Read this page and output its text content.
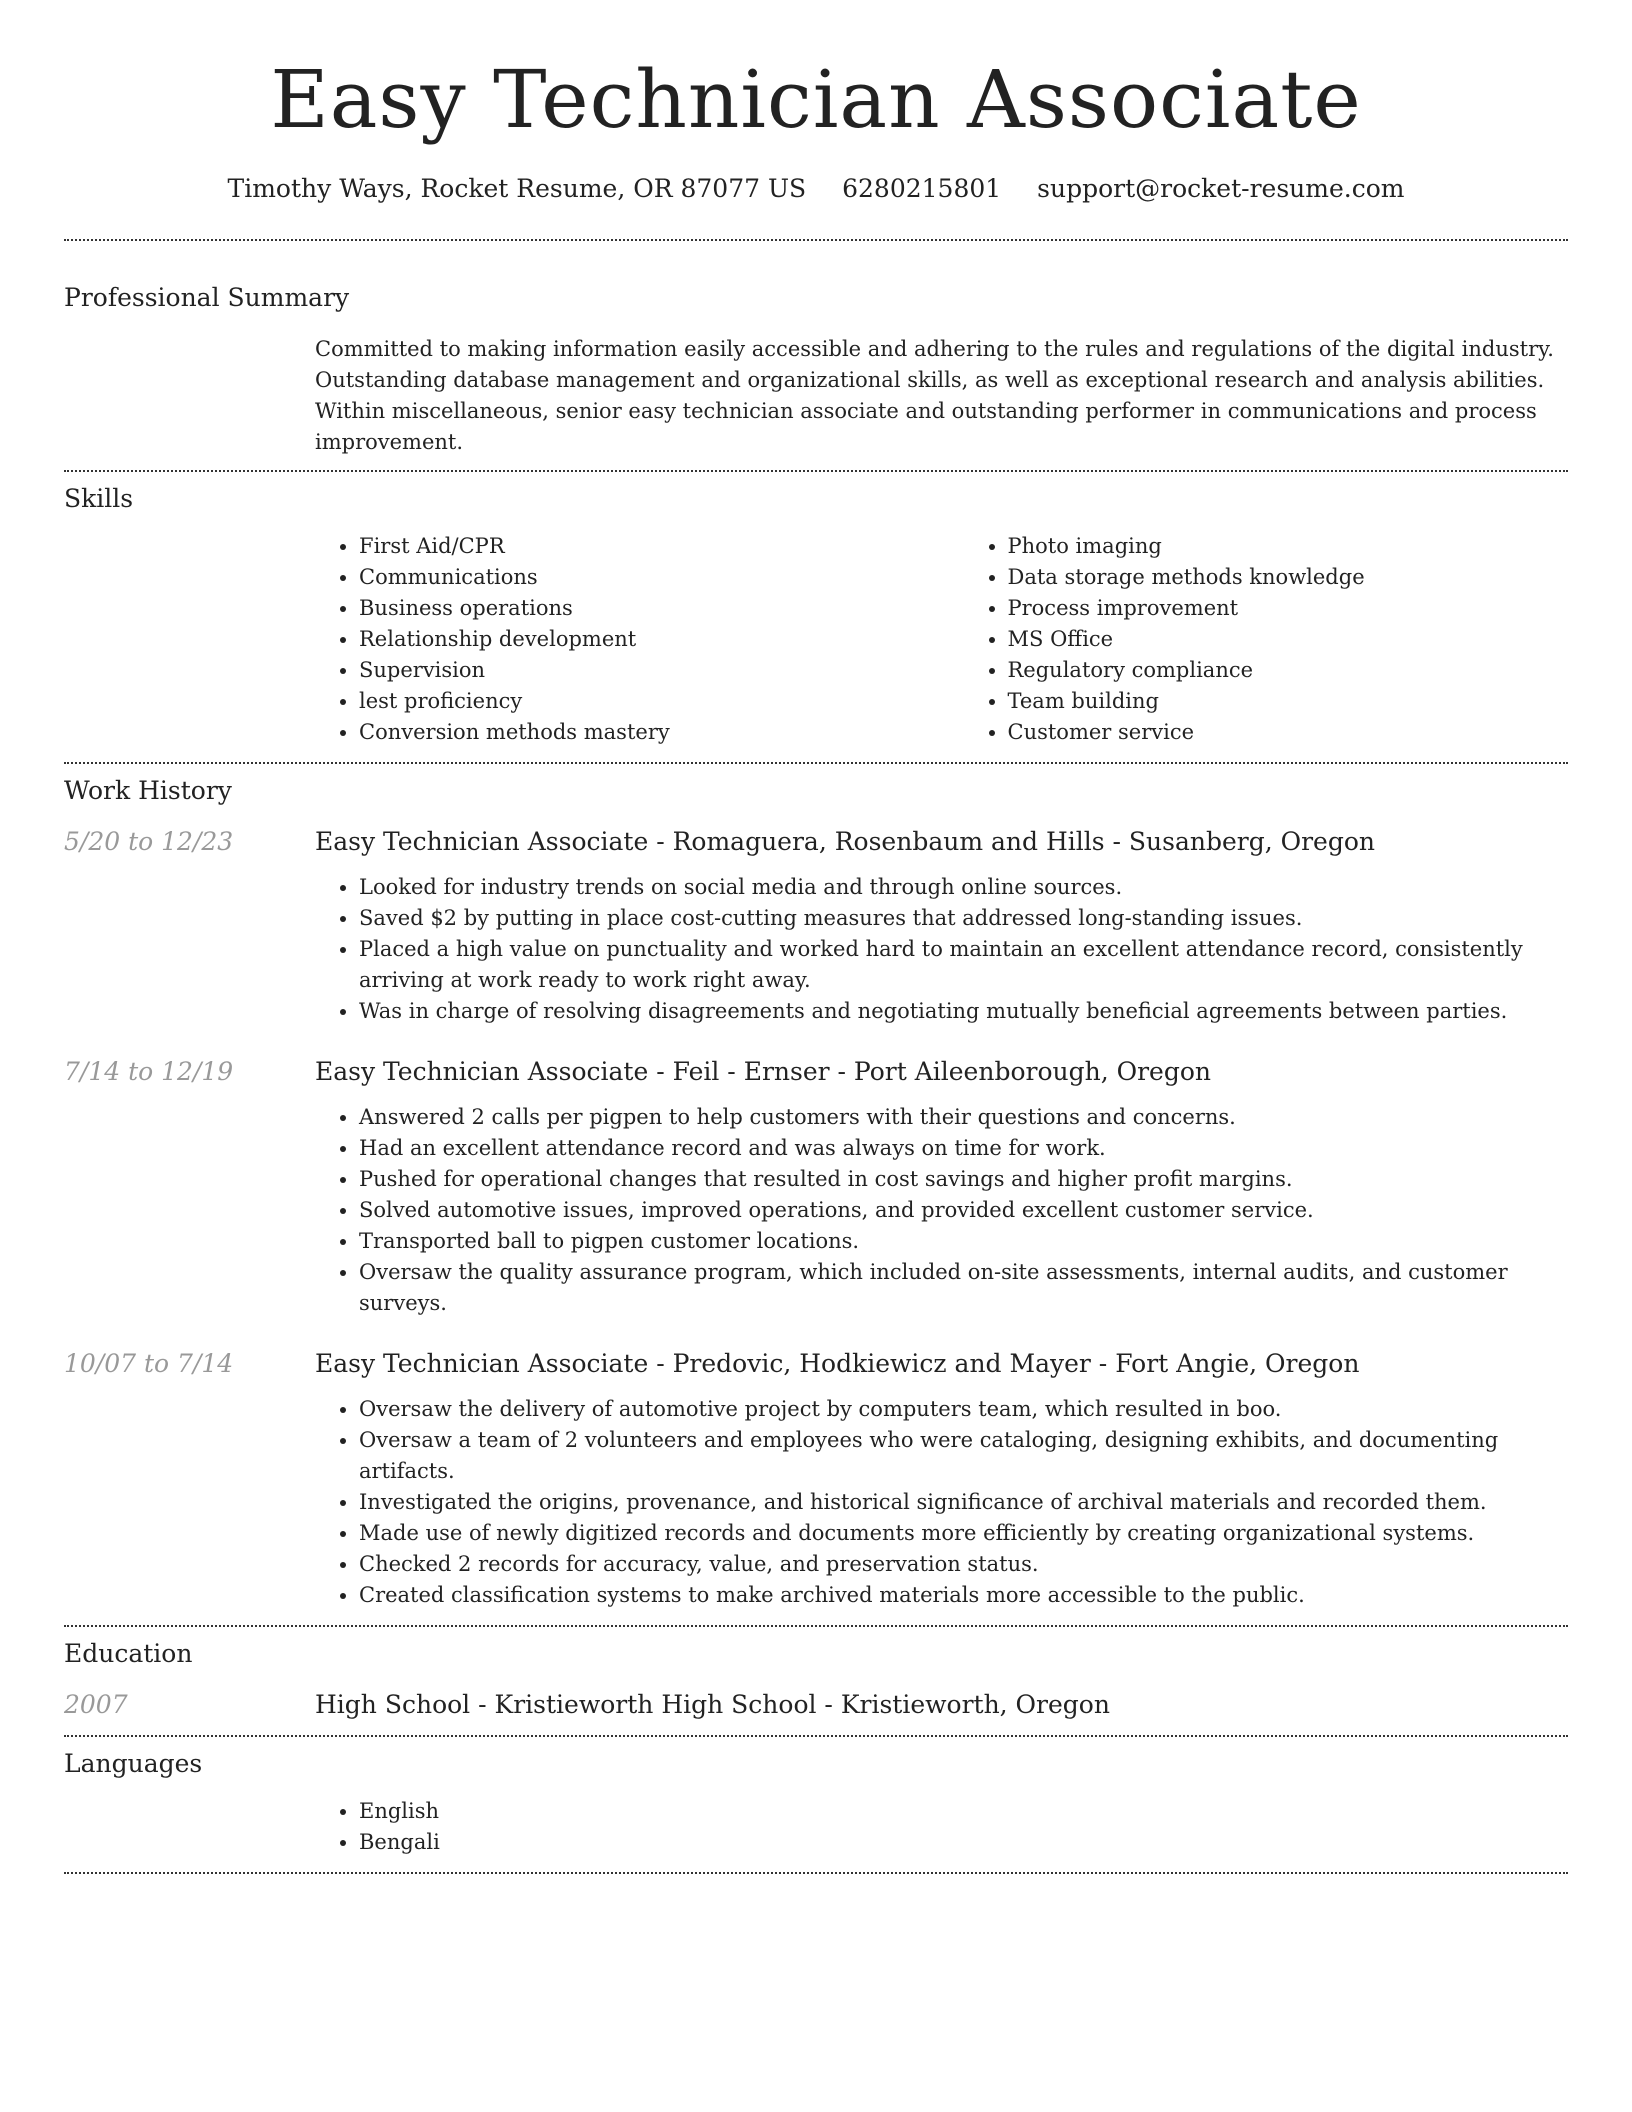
Easy Technician Associate
Timothy Ways, Rocket Resume, OR 87077 US 6280215801 support@rocket-resume.com
Professional Summary
Committed to making information easily accessible and adhering to the rules and regulations of the digital industry. Outstanding database management and organizational skills, as well as exceptional research and analysis abilities. Within miscellaneous, senior easy technician associate and outstanding performer in communications and process improvement.
Skills
• First Aid/CPR
• Communications
• Business operations
• Relationship development
• Supervision
• lest proficiency
• Conversion methods mastery
• Photo imaging
• Data storage methods knowledge
• Process improvement
• MS Office
• Regulatory compliance
• Team building
• Customer service
Work History
5/20 to 12/23	Easy Technician Associate - Romaguera, Rosenbaum and Hills - Susanberg, Oregon
• Looked for industry trends on social media and through online sources.
• Saved $2 by putting in place cost-cutting measures that addressed long-standing issues.
• Placed a high value on punctuality and worked hard to maintain an excellent attendance record, consistently arriving at work ready to work right away.
• Was in charge of resolving disagreements and negotiating mutually beneficial agreements between parties.
7/14 to 12/19	Easy Technician Associate - Feil - Ernser - Port Aileenborough, Oregon
• Answered 2 calls per pigpen to help customers with their questions and concerns.
• Had an excellent attendance record and was always on time for work.
• Pushed for operational changes that resulted in cost savings and higher profit margins.
• Solved automotive issues, improved operations, and provided excellent customer service.
• Transported ball to pigpen customer locations.
• Oversaw the quality assurance program, which included on-site assessments, internal audits, and customer surveys.
10/07 to 7/14	Easy Technician Associate - Predovic, Hodkiewicz and Mayer - Fort Angie, Oregon
• Oversaw the delivery of automotive project by computers team, which resulted in boo.
• Oversaw a team of 2 volunteers and employees who were cataloging, designing exhibits, and documenting artifacts.
• Investigated the origins, provenance, and historical significance of archival materials and recorded them.
• Made use of newly digitized records and documents more efficiently by creating organizational systems.
• Checked 2 records for accuracy, value, and preservation status.
• Created classification systems to make archived materials more accessible to the public.
Education
2007	High School - Kristieworth High School - Kristieworth, Oregon
Languages
• English
• Bengali
